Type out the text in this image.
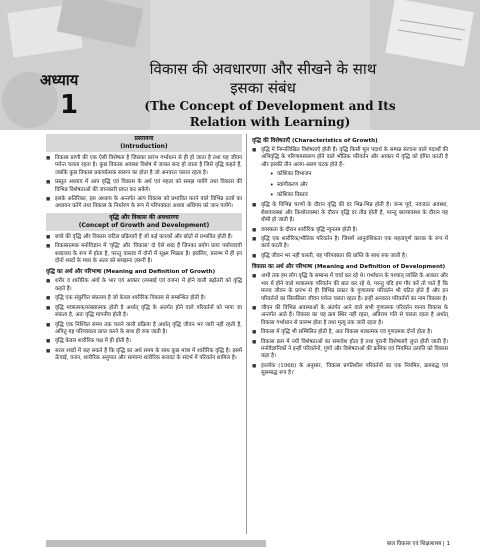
अध्याय
1
विकास की अवधारणा और सीखने के साथ
इसका संबंध
(The Concept of Development and Its
Relation with Learning)
प्रस्तावना
(Introduction)
■ विकास प्राणी की एक ऐसी विशेषता है जिसका प्रारंभ गर्भाधान से ही हो जाता है तथा यह जीवन पर्यन्त चलता रहता है। कुछ विकास अवस्था विशेष में जाकर बन्द हो जाता है जिसे वृद्धि कहते हैं, जबकि कुछ विकास प्रकार्यात्मक स्वरूप का होता है जो अनवरत चलता रहता है।
■ प्रस्तुत अध्याय में आप वृद्धि एवं विकास के अर्थ एवं महत्व को समझ पायेंगे तथा विकास की विभिन्न विशेषताओं की जानकारी प्राप्त कर सकेंगे।
■ इसके अतिरिक्त, इस अध्याय के अन्तर्गत आप विकास को प्रभावित करने वाले विभिन्न तत्वों का अध्ययन करेंगे तथा विकास के निर्धारण के रूप में परिपक्वता अथवा अधिगम को जान पायेंगे।
वृद्धि और विकास की अवधारणा
(Concept of Growth and Development)
■ बच्चे की वृद्धि और विकास जटिल प्रक्रियाएँ हैं जो कई कारकों और छोटों से प्रभावित होती हैं।
■ विकासात्मक मनोविज्ञान में 'वृद्धि' और 'विकास' दो ऐसे शब्द हैं जिनका प्रयोग प्रायः पर्यायवाची शब्दावय के रूप में होता है, परन्तु वास्तव में दोनों में सूक्ष्म भिन्नता है। इसलिए, प्रारम्भ में ही इन दोनों शब्दों के मध्य के अंतर को समझना ज़रूरी है।
वृद्धि का अर्थ और परिभाषा (Meaning and Definition of Growth)
■ शरीर व शारीरिक अंगों के भार एवं आकार (लम्बाई एवं वजन) में होने वाली बढ़ोतरी को वृद्धि कहते हैं।
■ वृद्धि एक संकुचित संप्रत्यय है जो केवल शारीरिक विकास से सम्बन्धित होती है।
■ वृद्धि मात्रात्मक/संख्यात्मक होती है अर्थात् वृद्धि के अंतर्गत होने वाले परिवर्तनों को मापा जा सकता है, अतः वृद्धि मापनीय होती है।
■ वृद्धि एक निश्चित समय तक चलने वाली प्रक्रिया है अर्थात् वृद्धि जीवन भर जारी नहीं रहती है, अपितु यह परिपक्वता प्राप्त करने के साथ ही रुक जाती है।
■ वृद्धि केवल शारीरिक पक्ष में ही होती है।
■ सरल शब्दों में कह सकते हैं कि वृद्धि का अर्थ समय के साथ कुछ मात्रा में शारीरिक वृद्धि है। इसमें ऊँचाई, वजन, शारीरिक अनुपात और सामान्य शारीरिक बनावट के संदर्भ में परिवर्तन शामिल है।
वृद्धि की विशेषताएँ (Characteristics of Growth)
■ वृद्धि में निम्नलिखित विशेषताएँ होती हैं। वृद्धि किसी मूल पदार्थ के सम्पन्न संरचना वाले पदार्थों की अभिवृद्धि के परिणामस्वरूप होने वाले भौतिक परिवर्तन और आकार में वृद्धि को इंगित करती है और इसकी तीन अलग-अलग घटक होते हैं–
• कोशिका विभाजन
• स्वांगीकरण और
• कोशिका विस्तार
■ वृद्धि के विभिन्न चरणों के दौरान वृद्धि की दर भिन्न-भिन्न होती है। जन्म पूर्व, नवजात अवस्था, शैशवावस्था और किशोरावस्था के दौरान वृद्धि दर तीव्र होती है, परन्तु बाल्यावस्था के दौरान यह धीमी हो जाती है।
■ वयस्कता के दौरान शारीरिक वृद्धि न्यूनतम होती है।
■ वृद्धि एक शारीरिक/भौतिक परिवर्तन है। जिसमें आनुवंशिकता एक महत्वपूर्ण कारक के रूप में कार्य करती है।
■ वृद्धि जीवन भर नहीं चलती, यह परिपक्वता की प्राप्ति के साथ रुक जाती है।
विकास का अर्थ और परिभाषा (Meaning and Definition of Development)
■ अभी तक हम लोग वृद्धि के सम्बन्ध में चर्चा कर रहे थे। गर्भाधान के पश्चात् व्यक्ति के आकार और भार में होने वाले मात्रात्मक परिवर्तन की बात कर रहे थे, परन्तु यदि हम गौर करें तो पाते हैं कि मानव जीवन के प्रारंभ से ही विभिन्न प्रकार के गुणात्मक परिवर्तन भी घटित होते हैं और इन परिवर्तनों का सिलसिला जीवन पर्यन्त चलता रहता है। इन्हीं अनवरत परिवर्तनों का नाम विकास है।
■ जीवन की विभिन्न अवस्थाओं के अंतर्गत आने वाले सभी गुणात्मक परिवर्तन मानव विकास के अन्तर्गत आते हैं। विकास का यह क्रम स्थिर नहीं रहता, अविराम गति से चलता रहता है अर्थात् विकास गर्भाधान से प्रारम्भ होता है तथा मृत्यु तक जारी रहता है।
■ विकास में वृद्धि भी सम्मिलित होती है, अतः विकास मात्रात्मक एवं गुणात्मक दोनों होता है।
■ विकास क्रम में नयी विशेषताओं का समावेश होता है तथा पुरानी विशेषताएँ लुप्त होती जाती हैं। मनोवैज्ञानिकों ने इन्हीं परिवर्तनों, गुणों और विशेषताओं की क्रमिक एवं नियमित उत्पत्ति को विकास कहा है।
■ हरलॉक (1968) के अनुसार, 'विकास प्रगतिशील परिवर्तनों का एक नियमित, क्रमबद्ध एवं सुसम्बद्ध रूप है।'
बाल विकास एवं शिक्षाशास्त्र | 1
